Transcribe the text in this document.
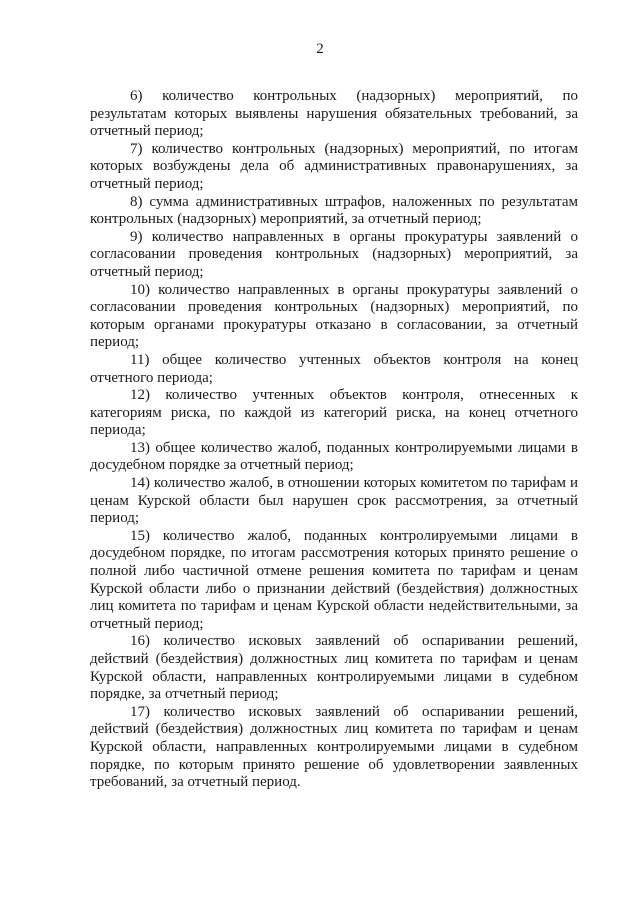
2

6)  количество  контрольных  (надзорных)  мероприятий,  по результатам которых выявлены нарушения обязательных требований, за отчетный период;

7) количество контрольных (надзорных) мероприятий, по итогам которых возбуждены дела об административных правонарушениях, за отчетный период;

8) сумма административных штрафов, наложенных по результатам контрольных (надзорных) мероприятий, за отчетный период;

9) количество направленных в органы прокуратуры заявлений о согласовании проведения контрольных (надзорных) мероприятий, за отчетный период;

10) количество направленных в органы прокуратуры заявлений о согласовании проведения контрольных (надзорных) мероприятий, по которым органами прокуратуры отказано в согласовании, за отчетный период;

11) общее количество учтенных объектов контроля на конец отчетного периода;

12) количество учтенных объектов контроля, отнесенных к категориям риска, по каждой из категорий риска, на конец отчетного периода;

13) общее количество жалоб, поданных контролируемыми лицами в досудебном порядке за отчетный период;

14) количество жалоб, в отношении которых комитетом по тарифам и ценам Курской области был нарушен срок рассмотрения, за отчетный период;

15) количество жалоб, поданных контролируемыми лицами в досудебном порядке, по итогам рассмотрения которых принято решение о полной либо частичной отмене решения комитета по тарифам и ценам Курской области либо о признании действий (бездействия) должностных лиц комитета по тарифам и ценам Курской области недействительными, за отчетный период;

16) количество исковых заявлений об оспаривании решений, действий (бездействия) должностных лиц комитета по тарифам и ценам Курской области, направленных контролируемыми лицами в судебном порядке, за отчетный период;

17) количество исковых заявлений об оспаривании решений, действий (бездействия) должностных лиц комитета по тарифам и ценам Курской области, направленных контролируемыми лицами в судебном порядке, по которым принято решение об удовлетворении заявленных требований, за отчетный период.
